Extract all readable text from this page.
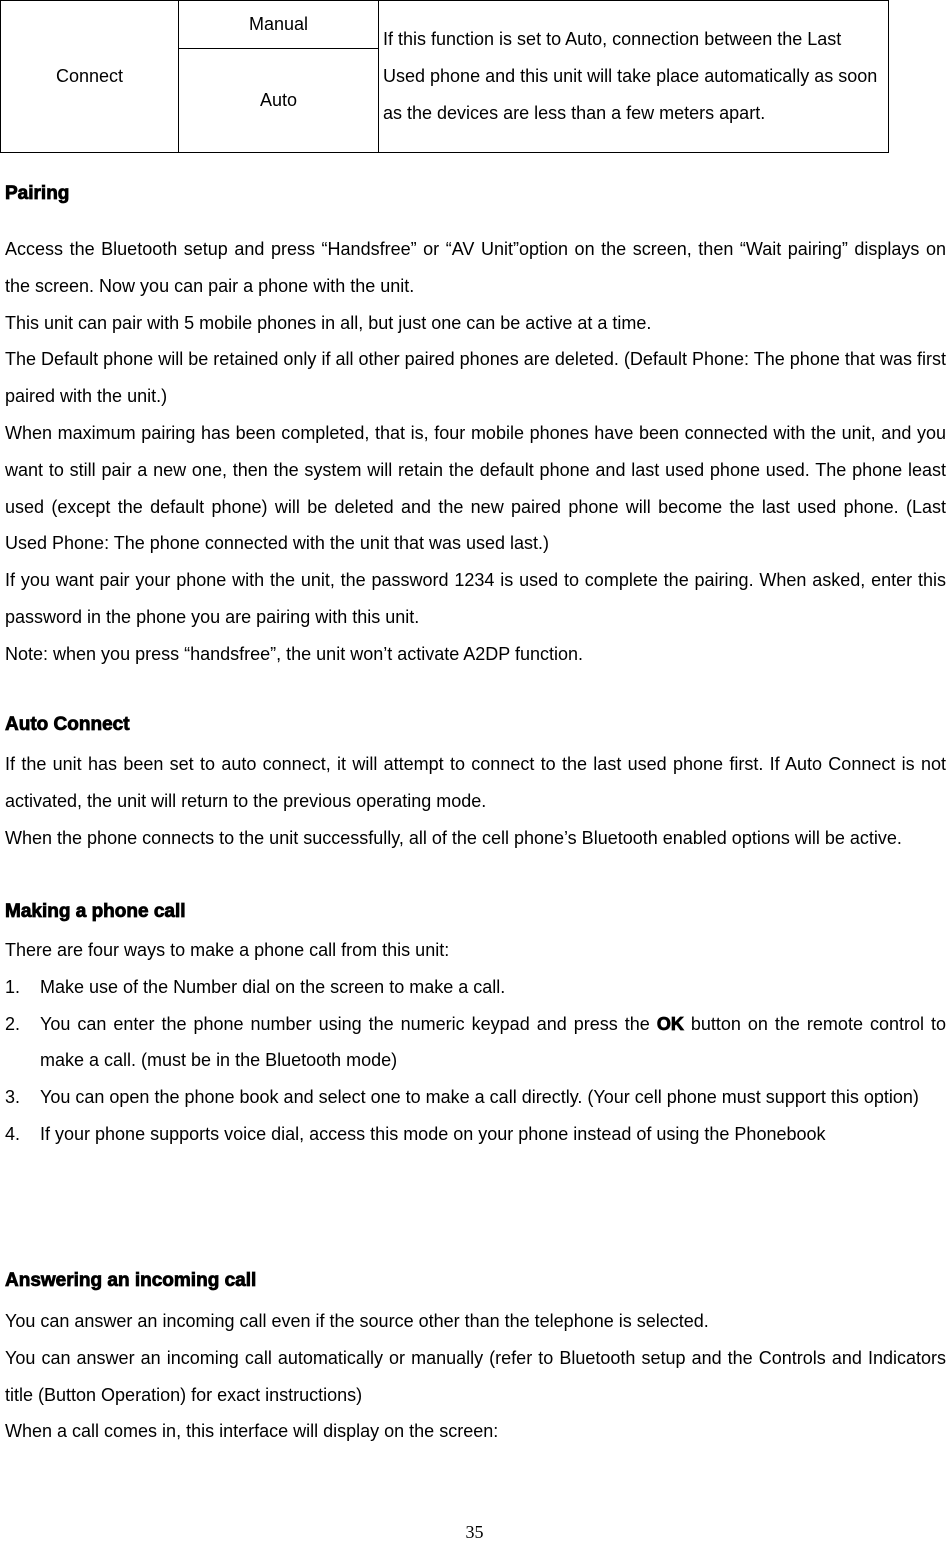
Connect	Manual	If this function is set to Auto, connection between the Last Used phone and this unit will take place automatically as soon as the devices are less than a few meters apart.
Auto
Pairing
Access the Bluetooth setup and press “Handsfree” or “AV Unit”option on the screen, then “Wait pairing” displays on the screen. Now you can pair a phone with the unit.
This unit can pair with 5 mobile phones in all, but just one can be active at a time.
The Default phone will be retained only if all other paired phones are deleted. (Default Phone: The phone that was first paired with the unit.)
When maximum pairing has been completed, that is, four mobile phones have been connected with the unit, and you want to still pair a new one, then the system will retain the default phone and last used phone used. The phone least used (except the default phone) will be deleted and the new paired phone will become the last used phone. (Last Used Phone: The phone connected with the unit that was used last.)
If you want pair your phone with the unit, the password 1234 is used to complete the pairing. When asked, enter this password in the phone you are pairing with this unit.
Note: when you press “handsfree”, the unit won’t activate A2DP function.
Auto Connect
If the unit has been set to auto connect, it will attempt to connect to the last used phone first. If Auto Connect is not activated, the unit will return to the previous operating mode.
When the phone connects to the unit successfully, all of the cell phone’s Bluetooth enabled options will be active.
Making a phone call
There are four ways to make a phone call from this unit:
1.	Make use of the Number dial on the screen to make a call.
2.	You can enter the phone number using the numeric keypad and press the OK button on the remote control to make a call. (must be in the Bluetooth mode)
3.	You can open the phone book and select one to make a call directly. (Your cell phone must support this option)
4.	If your phone supports voice dial, access this mode on your phone instead of using the Phonebook
Answering an incoming call
You can answer an incoming call even if the source other than the telephone is selected.
You can answer an incoming call automatically or manually (refer to Bluetooth setup and the Controls and Indicators title (Button Operation) for exact instructions)
When a call comes in, this interface will display on the screen:
35
